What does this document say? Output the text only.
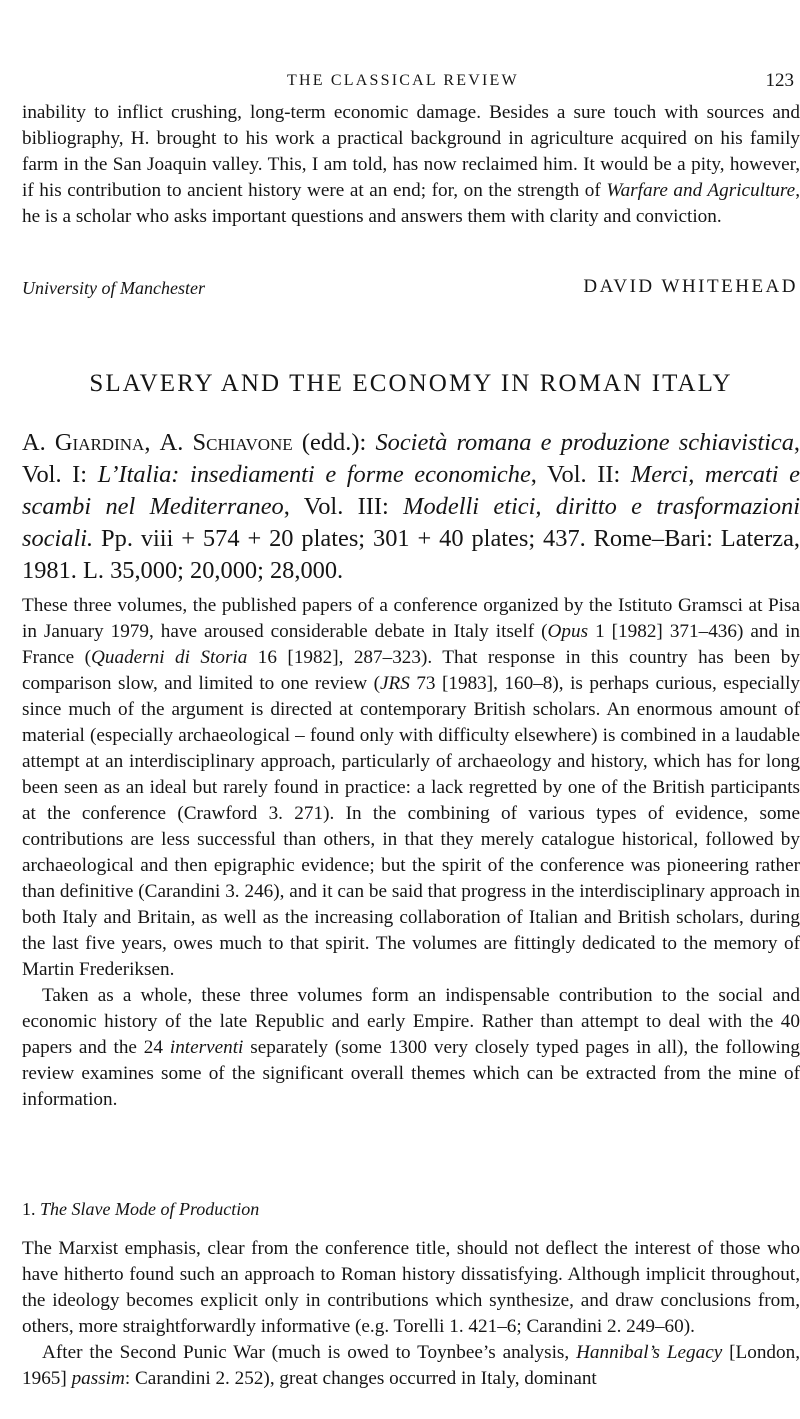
THE CLASSICAL REVIEW	123

inability to inflict crushing, long-term economic damage. Besides a sure touch with sources and bibliography, H. brought to his work a practical background in agriculture acquired on his family farm in the San Joaquin valley. This, I am told, has now reclaimed him. It would be a pity, however, if his contribution to ancient history were at an end; for, on the strength of Warfare and Agriculture, he is a scholar who asks important questions and answers them with clarity and conviction.

University of Manchester	DAVID WHITEHEAD
SLAVERY AND THE ECONOMY IN ROMAN ITALY

A. Giardina, A. Schiavone (edd.): Società romana e produzione schiavistica, Vol. I: L’Italia: insediamenti e forme economiche, Vol. II: Merci, mercati e scambi nel Mediterraneo, Vol. III: Modelli etici, diritto e trasformazioni sociali. Pp. viii + 574 + 20 plates; 301 + 40 plates; 437. Rome–Bari: Laterza, 1981. L. 35,000; 20,000; 28,000.

These three volumes, the published papers of a conference organized by the Istituto Gramsci at Pisa in January 1979, have aroused considerable debate in Italy itself (Opus 1 [1982] 371–436) and in France (Quaderni di Storia 16 [1982], 287–323). That response in this country has been by comparison slow, and limited to one review (JRS 73 [1983], 160–8), is perhaps curious, especially since much of the argument is directed at contemporary British scholars. An enormous amount of material (especially archaeological – found only with difficulty elsewhere) is combined in a laudable attempt at an interdisciplinary approach, particularly of archaeology and history, which has for long been seen as an ideal but rarely found in practice: a lack regretted by one of the British participants at the conference (Crawford 3. 271). In the combining of various types of evidence, some contributions are less successful than others, in that they merely catalogue historical, followed by archaeological and then epigraphic evidence; but the spirit of the conference was pioneering rather than definitive (Carandini 3. 246), and it can be said that progress in the interdisciplinary approach in both Italy and Britain, as well as the increasing collaboration of Italian and British scholars, during the last five years, owes much to that spirit. The volumes are fittingly dedicated to the memory of Martin Frederiksen.

Taken as a whole, these three volumes form an indispensable contribution to the social and economic history of the late Republic and early Empire. Rather than attempt to deal with the 40 papers and the 24 interventi separately (some 1300 very closely typed pages in all), the following review examines some of the significant overall themes which can be extracted from the mine of information.

1. The Slave Mode of Production

The Marxist emphasis, clear from the conference title, should not deflect the interest of those who have hitherto found such an approach to Roman history dissatisfying. Although implicit throughout, the ideology becomes explicit only in contributions which synthesize, and draw conclusions from, others, more straightforwardly informative (e.g. Torelli 1. 421–6; Carandini 2. 249–60).

After the Second Punic War (much is owed to Toynbee’s analysis, Hannibal’s Legacy [London, 1965] passim: Carandini 2. 252), great changes occurred in Italy, dominant
